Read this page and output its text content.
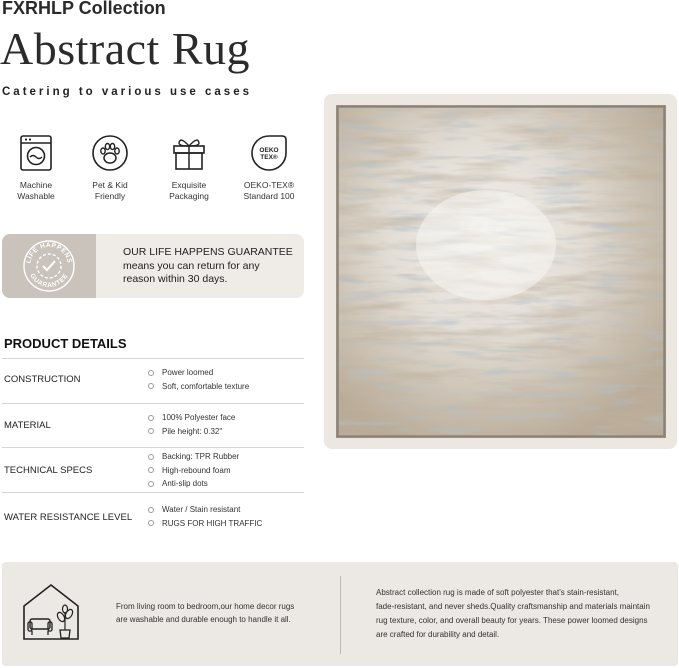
FXRHLP Collection
Abstract Rug
Catering to various use cases
Machine
Washable
Pet & Kid
Friendly
Exquisite
Packaging
OEKO
TEX®
OEKO-TEX®
Standard 100
LIFE HAPPENS
GUARANTEE
OUR LIFE HAPPENS GUARANTEE
means you can return for any
reason within 30 days.
PRODUCT DETAILS
CONSTRUCTION
Power loomed
Soft, comfortable texture
MATERIAL
100% Polyester face
Pile height: 0.32"
TECHNICAL SPECS
Backing: TPR Rubber
High-rebound foam
Anti-slip dots
WATER RESISTANCE LEVEL
Water / Stain resistant
RUGS FOR HIGH TRAFFIC
From living room to bedroom,our home decor rugs
are washable and durable enough to handle it all.
Abstract collection rug is made of soft polyester that's stain-resistant,
fade-resistant, and never sheds.Quality craftsmanship and materials maintain
rug texture, color, and overall beauty for years. These power loomed designs
are crafted for durability and detail.
